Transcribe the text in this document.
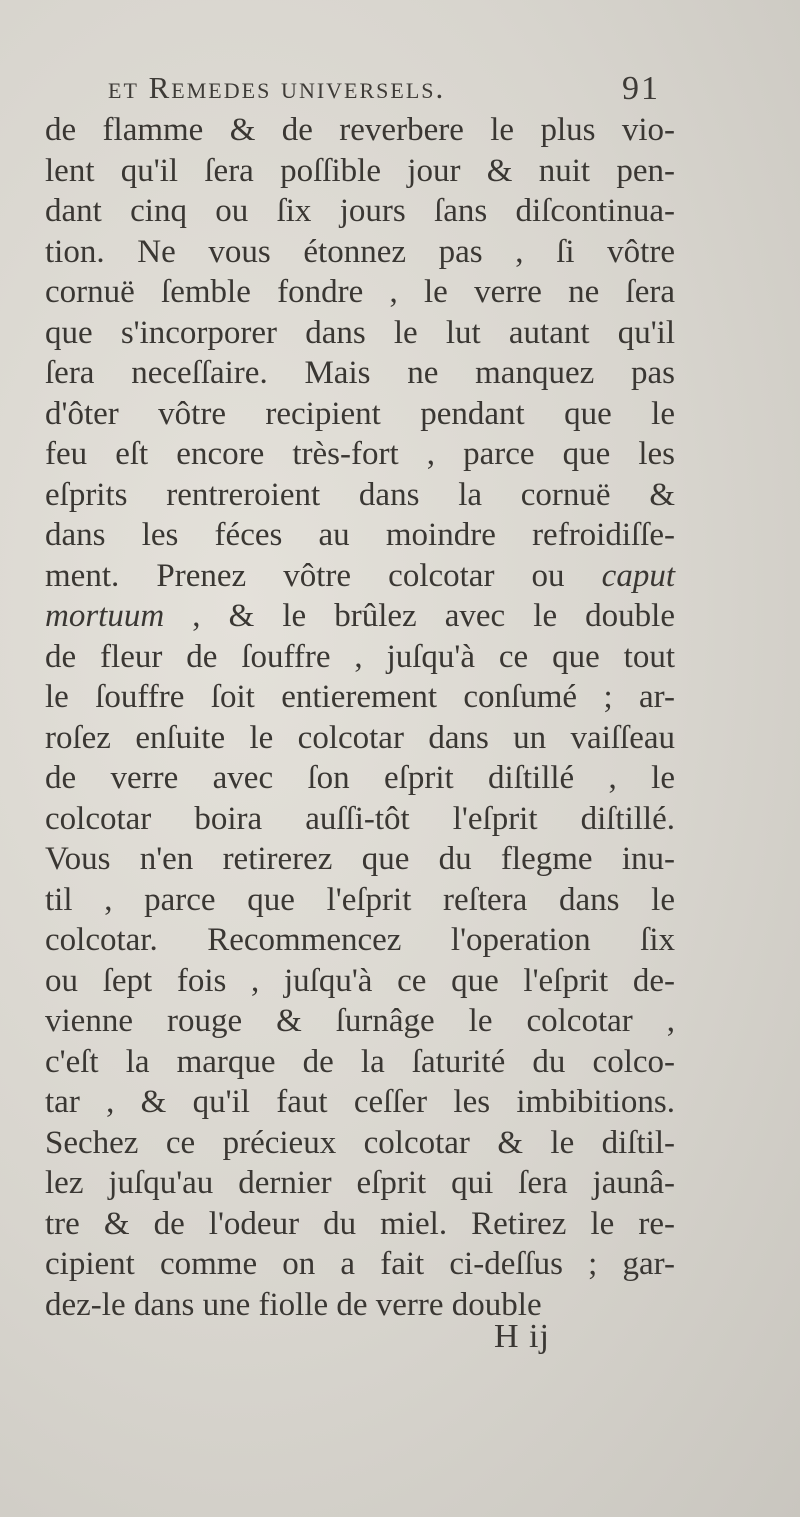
et Remedes universels.	91
de flamme & de reverbere le plus vio-
lent qu'il ſera poſſible jour & nuit pen-
dant cinq ou ſix jours ſans diſcontinua-
tion. Ne vous étonnez pas , ſi vôtre
cornuë ſemble fondre , le verre ne ſera
que s'incorporer dans le lut autant qu'il
ſera neceſſaire. Mais ne manquez pas
d'ôter vôtre recipient pendant que le
feu eſt encore très-fort , parce que les
eſprits rentreroient dans la cornuë &
dans les féces au moindre refroidiſſe-
ment. Prenez vôtre colcotar ou caput
mortuum , & le brûlez avec le double
de fleur de ſouffre , juſqu'à ce que tout
le ſouffre ſoit entierement conſumé ; ar-
roſez enſuite le colcotar dans un vaiſſeau
de verre avec ſon eſprit diſtillé , le
colcotar boira auſſi-tôt l'eſprit diſtillé.
Vous n'en retirerez que du flegme inu-
til , parce que l'eſprit reſtera dans le
colcotar. Recommencez l'operation ſix
ou ſept fois , juſqu'à ce que l'eſprit de-
vienne rouge & ſurnâge le colcotar ,
c'eſt la marque de la ſaturité du colco-
tar , & qu'il faut ceſſer les imbibitions.
Sechez ce précieux colcotar & le diſtil-
lez juſqu'au dernier eſprit qui ſera jaunâ-
tre & de l'odeur du miel. Retirez le re-
cipient comme on a fait ci-deſſus ; gar-
dez-le dans une fiolle de verre double
H ij
